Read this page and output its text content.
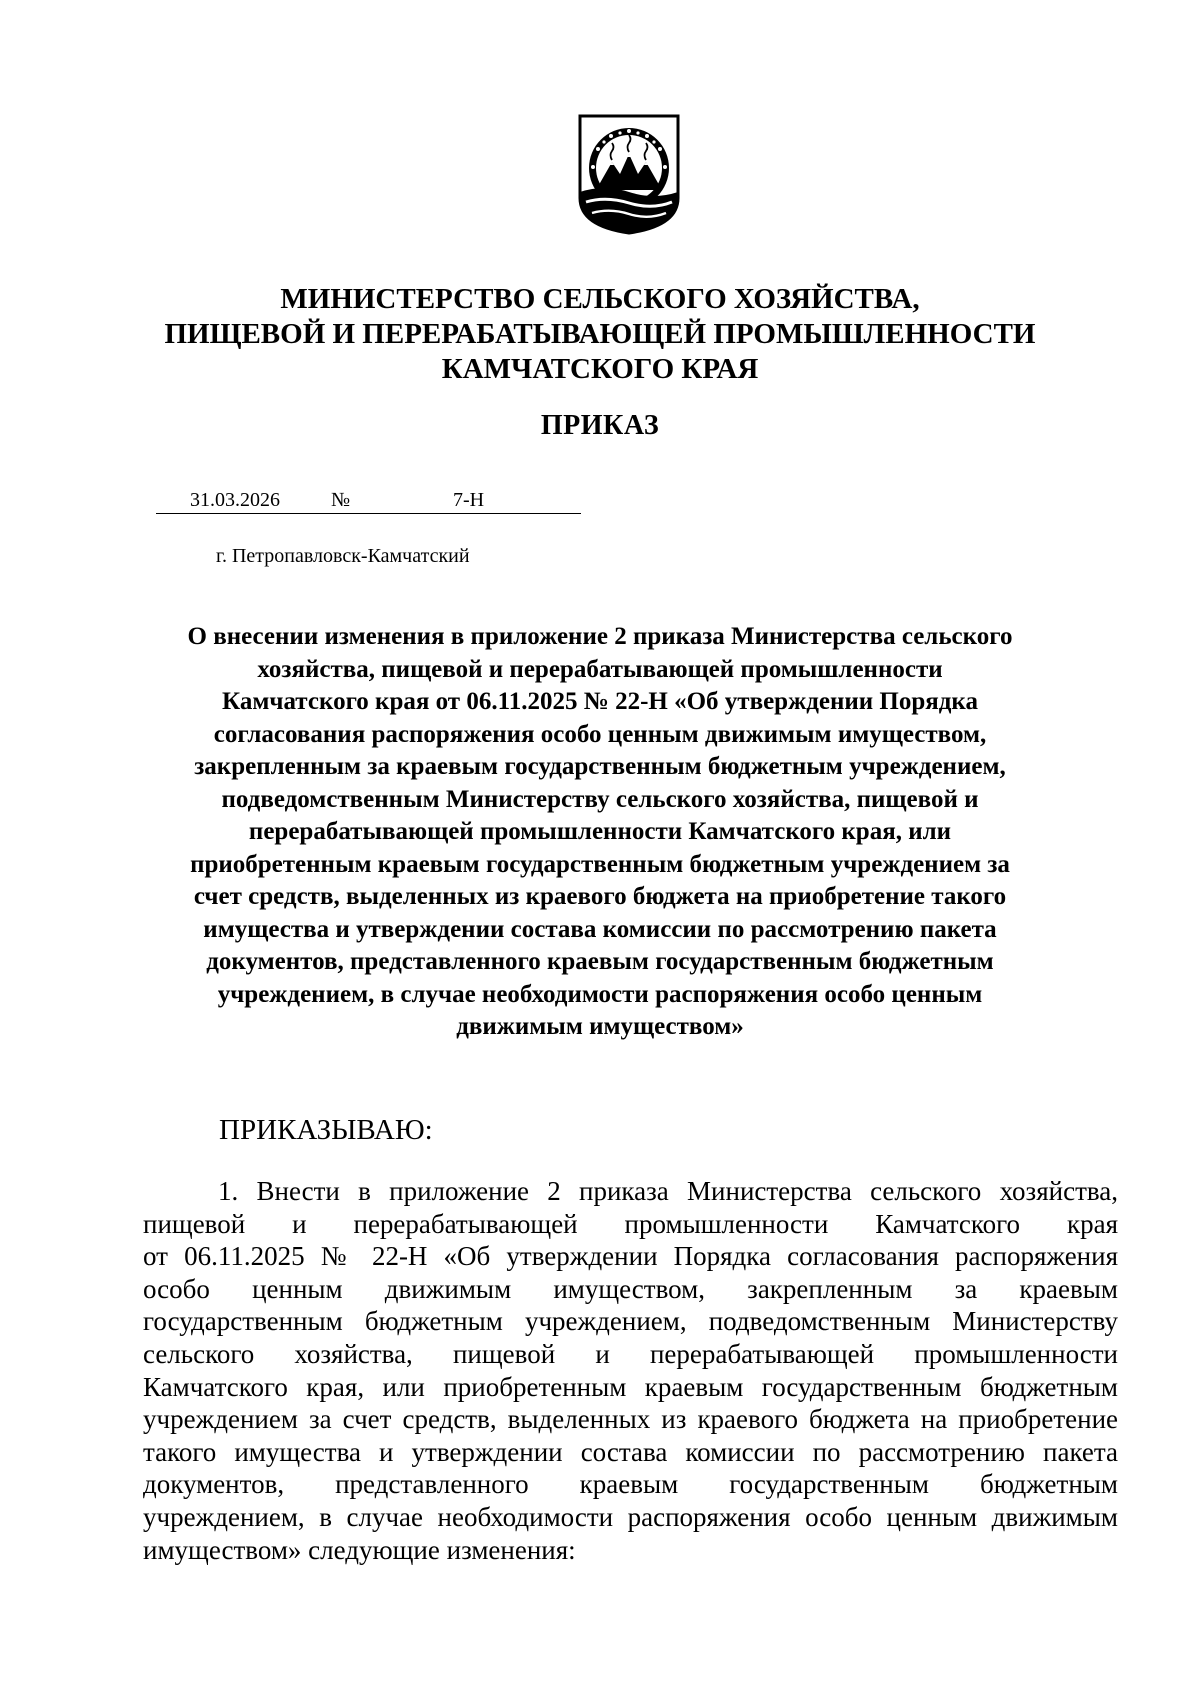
МИНИСТЕРСТВО СЕЛЬСКОГО ХОЗЯЙСТВА,
ПИЩЕВОЙ И ПЕРЕРАБАТЫВАЮЩЕЙ ПРОМЫШЛЕННОСТИ
КАМЧАТСКОГО КРАЯ
ПРИКАЗ
31.03.2026	№	7-Н
г. Петропавловск-Камчатский
О внесении изменения в приложение 2 приказа Министерства сельского
хозяйства, пищевой и перерабатывающей промышленности
Камчатского края от 06.11.2025 № 22-Н «Об утверждении Порядка
согласования распоряжения особо ценным движимым имуществом,
закрепленным за краевым государственным бюджетным учреждением,
подведомственным Министерству сельского хозяйства, пищевой и
перерабатывающей промышленности Камчатского края, или
приобретенным краевым государственным бюджетным учреждением за
счет средств, выделенных из краевого бюджета на приобретение такого
имущества и утверждении состава комиссии по рассмотрению пакета
документов, представленного краевым государственным бюджетным
учреждением, в случае необходимости распоряжения особо ценным
движимым имуществом»
ПРИКАЗЫВАЮ:
1. Внести в приложение 2 приказа Министерства сельского хозяйства,
пищевой и перерабатывающей промышленности Камчатского края
от 06.11.2025 № 22-Н «Об утверждении Порядка согласования распоряжения
особо ценным движимым имуществом, закрепленным за краевым
государственным бюджетным учреждением, подведомственным Министерству
сельского хозяйства, пищевой и перерабатывающей промышленности
Камчатского края, или приобретенным краевым государственным бюджетным
учреждением за счет средств, выделенных из краевого бюджета на приобретение
такого имущества и утверждении состава комиссии по рассмотрению пакета
документов, представленного краевым государственным бюджетным
учреждением, в случае необходимости распоряжения особо ценным движимым
имуществом» следующие изменения:
